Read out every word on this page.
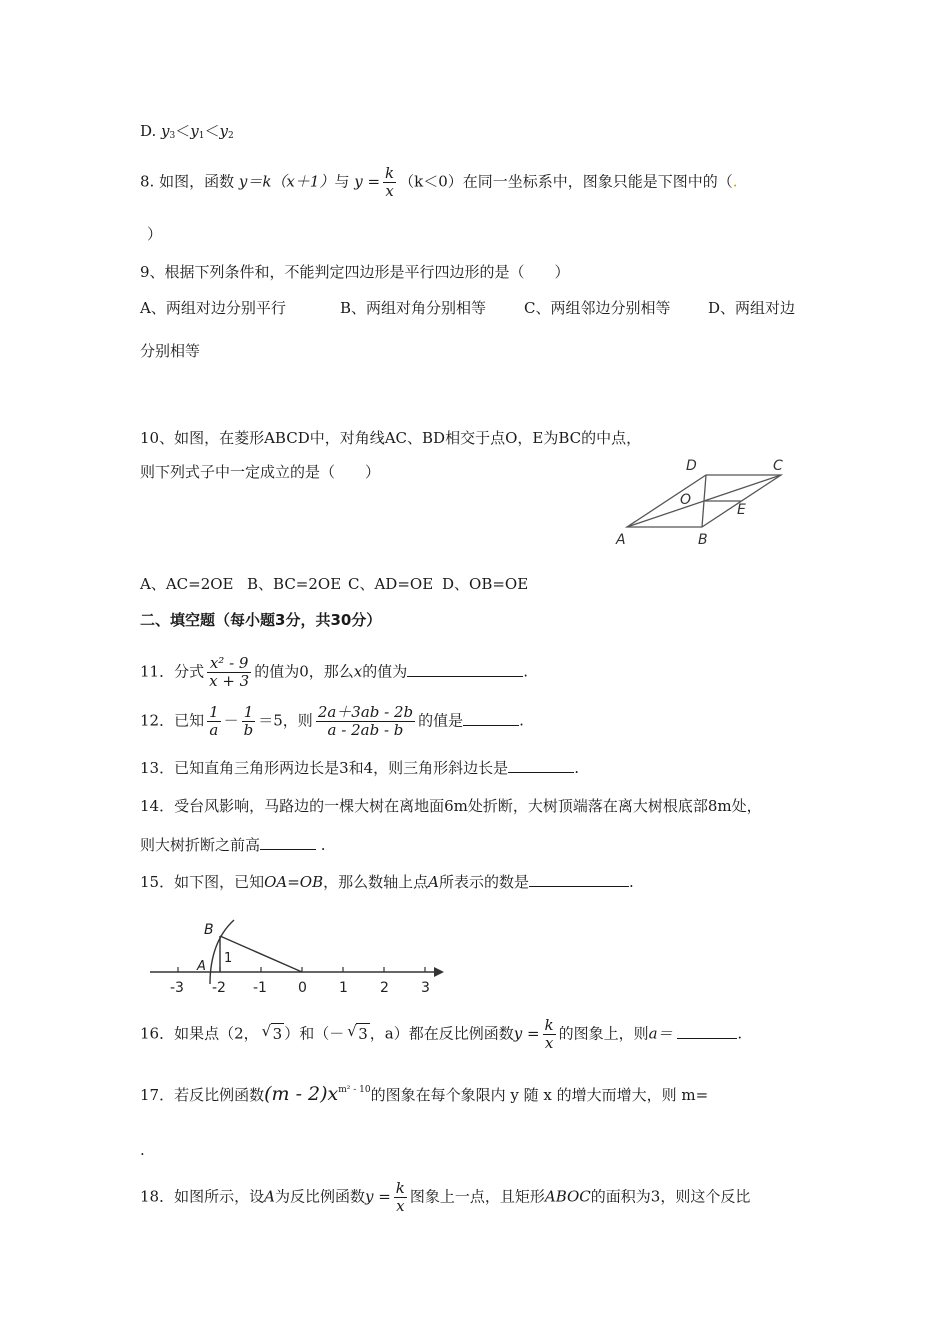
D. $y_3<y_1<y_2$
8. 如图，函数 y＝k（x＋1）与 $y = \frac{k}{x} (k<0)$在同一坐标系中，图象只能是下图中的（.
）
9、根据下列条件和，不能判定四边形是平行四边形的是（　　）
A、两组对边分别平行	B、两组对角分别相等	C、两组邻边分别相等	D、两组对边
分别相等
10、如图，在菱形ABCD中，对角线AC、BD相交于点O，E为BC的中点，
则下列式子中一定成立的是（　　）
A	B
C
D
O
E
A、AC=2OE B、BC=2OE C、AD=OE D、OB=OE
二、填空题（每小题3分，共30分）
11．分式 $\frac{\text{x² - 9}}{x + 3}$ 的值为0，那么x的值为	.
12．已知 $\frac{1}{a} - \frac{1}{b} =5$，则 $\frac{2a+3ab - 2b}{a - 2ab - b}$ 的值是	.
13．已知直角三角形两边长是3和4，则三角形斜边长是	.
14．受台风影响，马路边的一棵大树在离地面6m处折断，大树顶端落在离大树根底部8m处，
则大树折断之前高	.
15．如下图，已知OA=OB，那么数轴上点A所表示的数是	.
-3 -2 -1 0 1 2 3
B
A
1
16．如果点（2， √ 3 ）和（－ √ 3 ，a）都在反比例函数$y = \frac{k}{x}$ 的图象上，则a＝	.
17．若反比例函数$(m - 2)x^{m^2 - 10}$的图象在每个象限内 y 随 x 的增大而增大，则 m=
.
18．如图所示，设A为反比例函数$y = \frac{k}{x}$ 图象上一点，且矩形ABOC的面积为3，则这个反比
